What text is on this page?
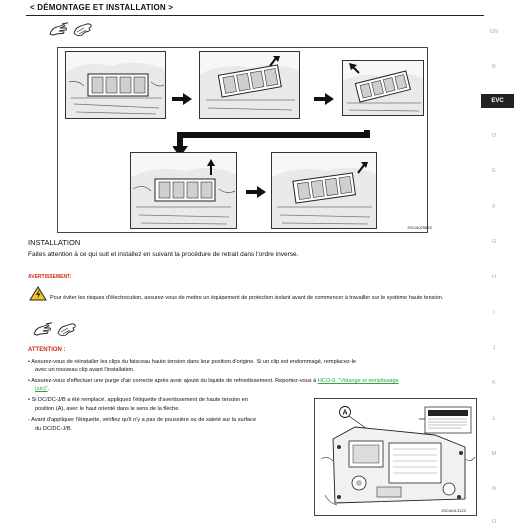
< DÉMONTAGE ET INSTALLATION >
GN
B
EVC
D
E
F
G
H
I
J
K
L
M
N
O
JSCIA0258ZZ
INSTALLATION
Faites attention à ce qui suit et installez en suivant la procédure de retrait dans l'ordre inverse.
AVERTISSEMENT:
Pour éviter les risques d'électrocution, assurez-vous de mettre un équipement de protection isolant avant de commencer à travailler sur le système haute tension.
ATTENTION :
• Assurez-vous de réinstaller les clips du faisceau haute tension dans leur position d'origine. Si un clip est endommagé, remplacez-le
avec un nouveau clip avant l'installation.
• Assurez-vous d'effectuer une purge d'air correcte après avoir ajouté du liquide de refroidissement. Reportez-vous à HCO-9, "Vidange et remplissage
(sic)".
• Si DC/DC-J/B a été remplacé, appliquez l'étiquette d'avertissement de haute tension en
position (A), avec le haut orienté dans le sens de la flèche.
- Avant d'appliquer l'étiquette, vérifiez qu'il n'y a pas de poussière ou de saleté sur la surface
du DC/DC-J/B.
A
JSCIA0131ZZ
